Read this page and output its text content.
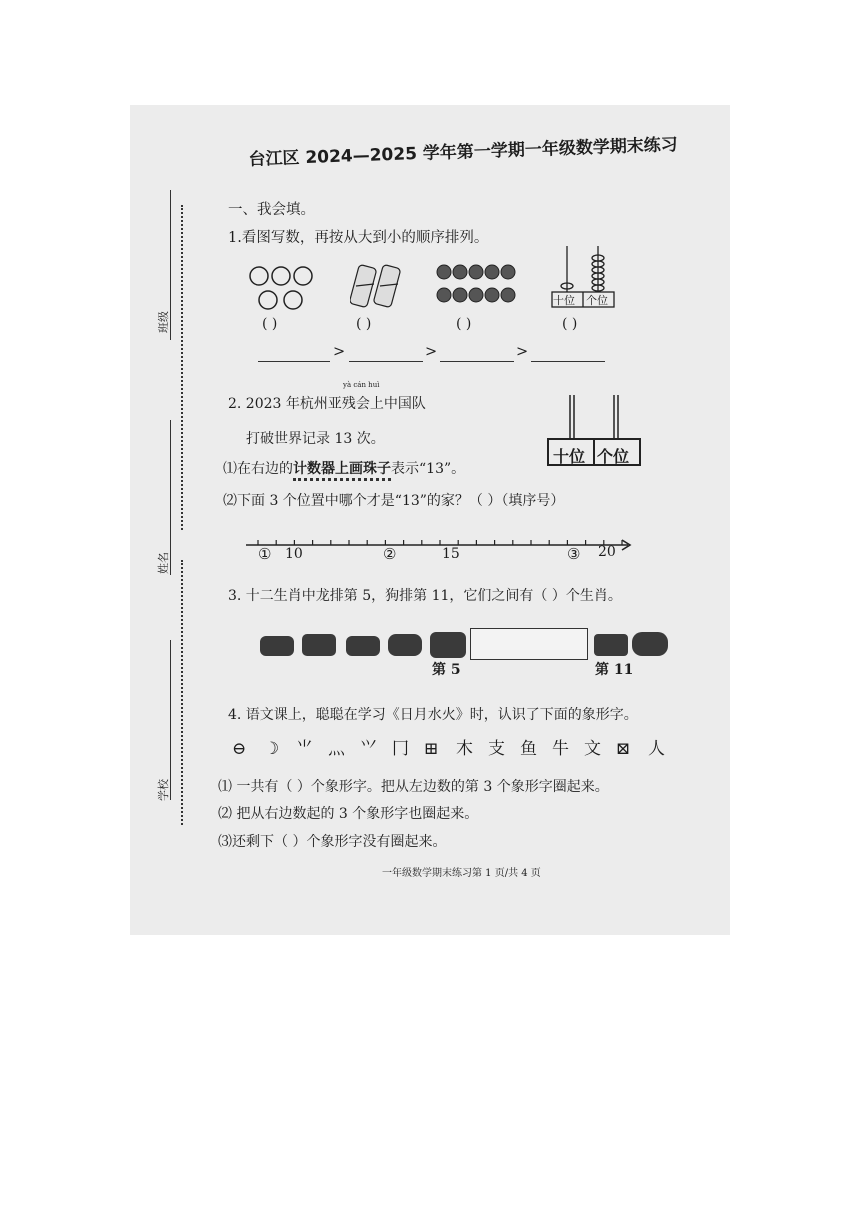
班级
姓名
学校
台江区 2024—2025 学年第一学期一年级数学期末练习
一、我会填。
1.看图写数，再按从大到小的顺序排列。
十位 个位
( )	( )	( )	( )
>	>	>
yà cán huì
2. 2023 年杭州亚残会上中国队
打破世界记录 13 次。
⑴在右边的计数器上画珠子表示“13”。
⑵下面 3 个位置中哪个才是“13”的家？（ ）（填序号）
十位 个位
① 10	②	15	③ 20
3. 十二生肖中龙排第 5，狗排第 11，它们之间有（ ）个生肖。
第 5	第 11
4. 语文课上，聪聪在学习《日月水火》时，认识了下面的象形字。
⊖ ☽ ⺌ 灬 ⺍ 冂 ⊞ ⽊ ⽀ ⻥ ⽜ ⽂ ⊠ ⼈
⑴ 一共有（ ）个象形字。把从左边数的第 3 个象形字圈起来。
⑵ 把从右边数起的 3 个象形字也圈起来。
⑶还剩下（ ）个象形字没有圈起来。
一年级数学期末练习第 1 页/共 4 页
